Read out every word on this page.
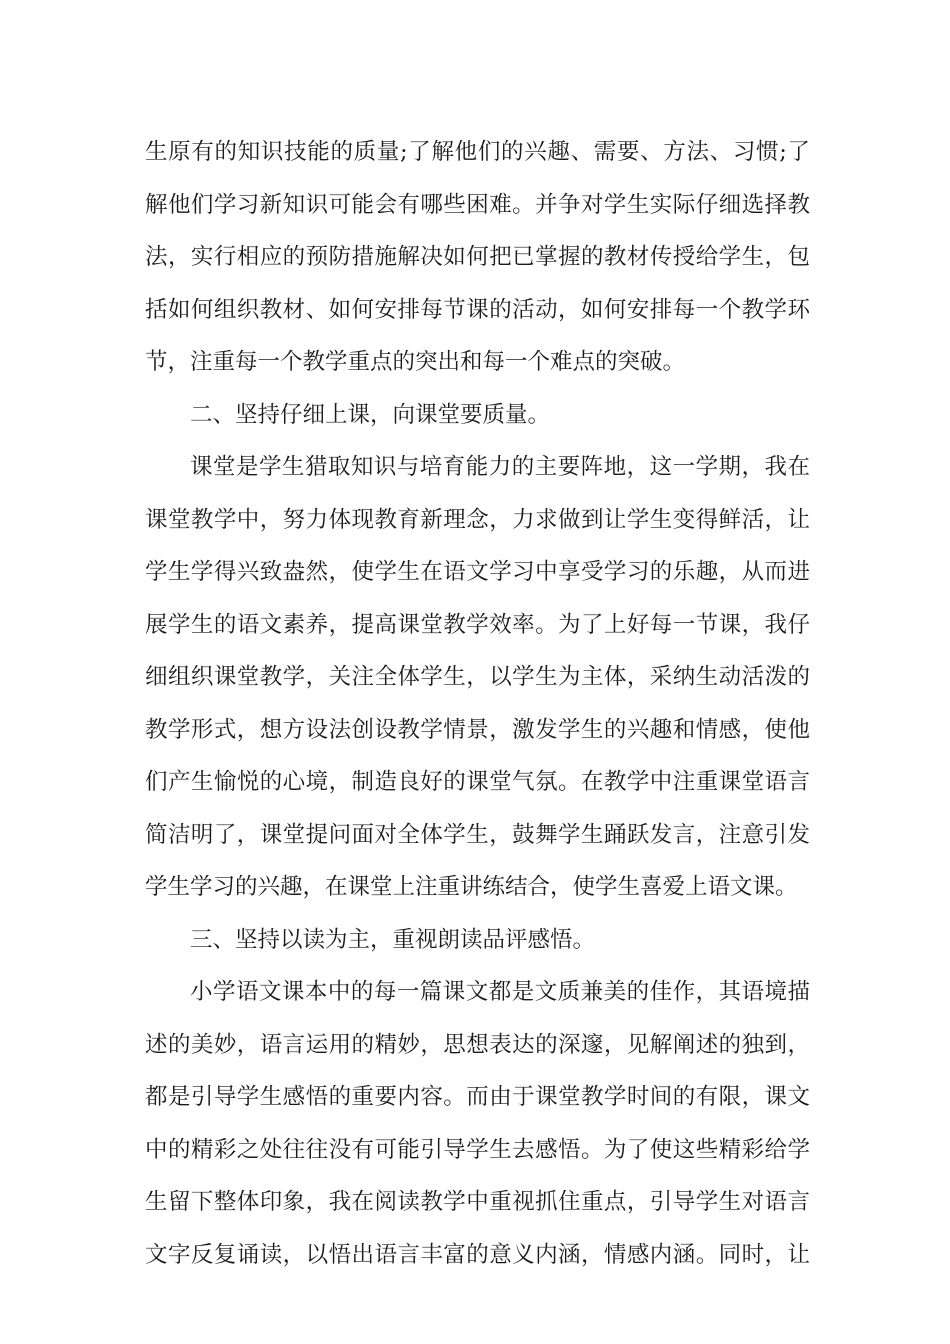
生原有的知识技能的质量;了解他们的兴趣、需要、方法、习惯;了
解他们学习新知识可能会有哪些困难。并争对学生实际仔细选择教
法，实行相应的预防措施解决如何把已掌握的教材传授给学生，包
括如何组织教材、如何安排每节课的活动，如何安排每一个教学环
节，注重每一个教学重点的突出和每一个难点的突破。
二、坚持仔细上课，向课堂要质量。
课堂是学生猎取知识与培育能力的主要阵地，这一学期，我在
课堂教学中，努力体现教育新理念，力求做到让学生变得鲜活，让
学生学得兴致盎然，使学生在语文学习中享受学习的乐趣，从而进
展学生的语文素养，提高课堂教学效率。为了上好每一节课，我仔
细组织课堂教学，关注全体学生，以学生为主体，采纳生动活泼的
教学形式，想方设法创设教学情景，激发学生的兴趣和情感，使他
们产生愉悦的心境，制造良好的课堂气氛。在教学中注重课堂语言
简洁明了，课堂提问面对全体学生，鼓舞学生踊跃发言，注意引发
学生学习的兴趣，在课堂上注重讲练结合，使学生喜爱上语文课。
三、坚持以读为主，重视朗读品评感悟。
小学语文课本中的每一篇课文都是文质兼美的佳作，其语境描
述的美妙，语言运用的精妙，思想表达的深邃，见解阐述的独到，
都是引导学生感悟的重要内容。而由于课堂教学时间的有限，课文
中的精彩之处往往没有可能引导学生去感悟。为了使这些精彩给学
生留下整体印象，我在阅读教学中重视抓住重点，引导学生对语言
文字反复诵读，以悟出语言丰富的意义内涵，情感内涵。同时，让
